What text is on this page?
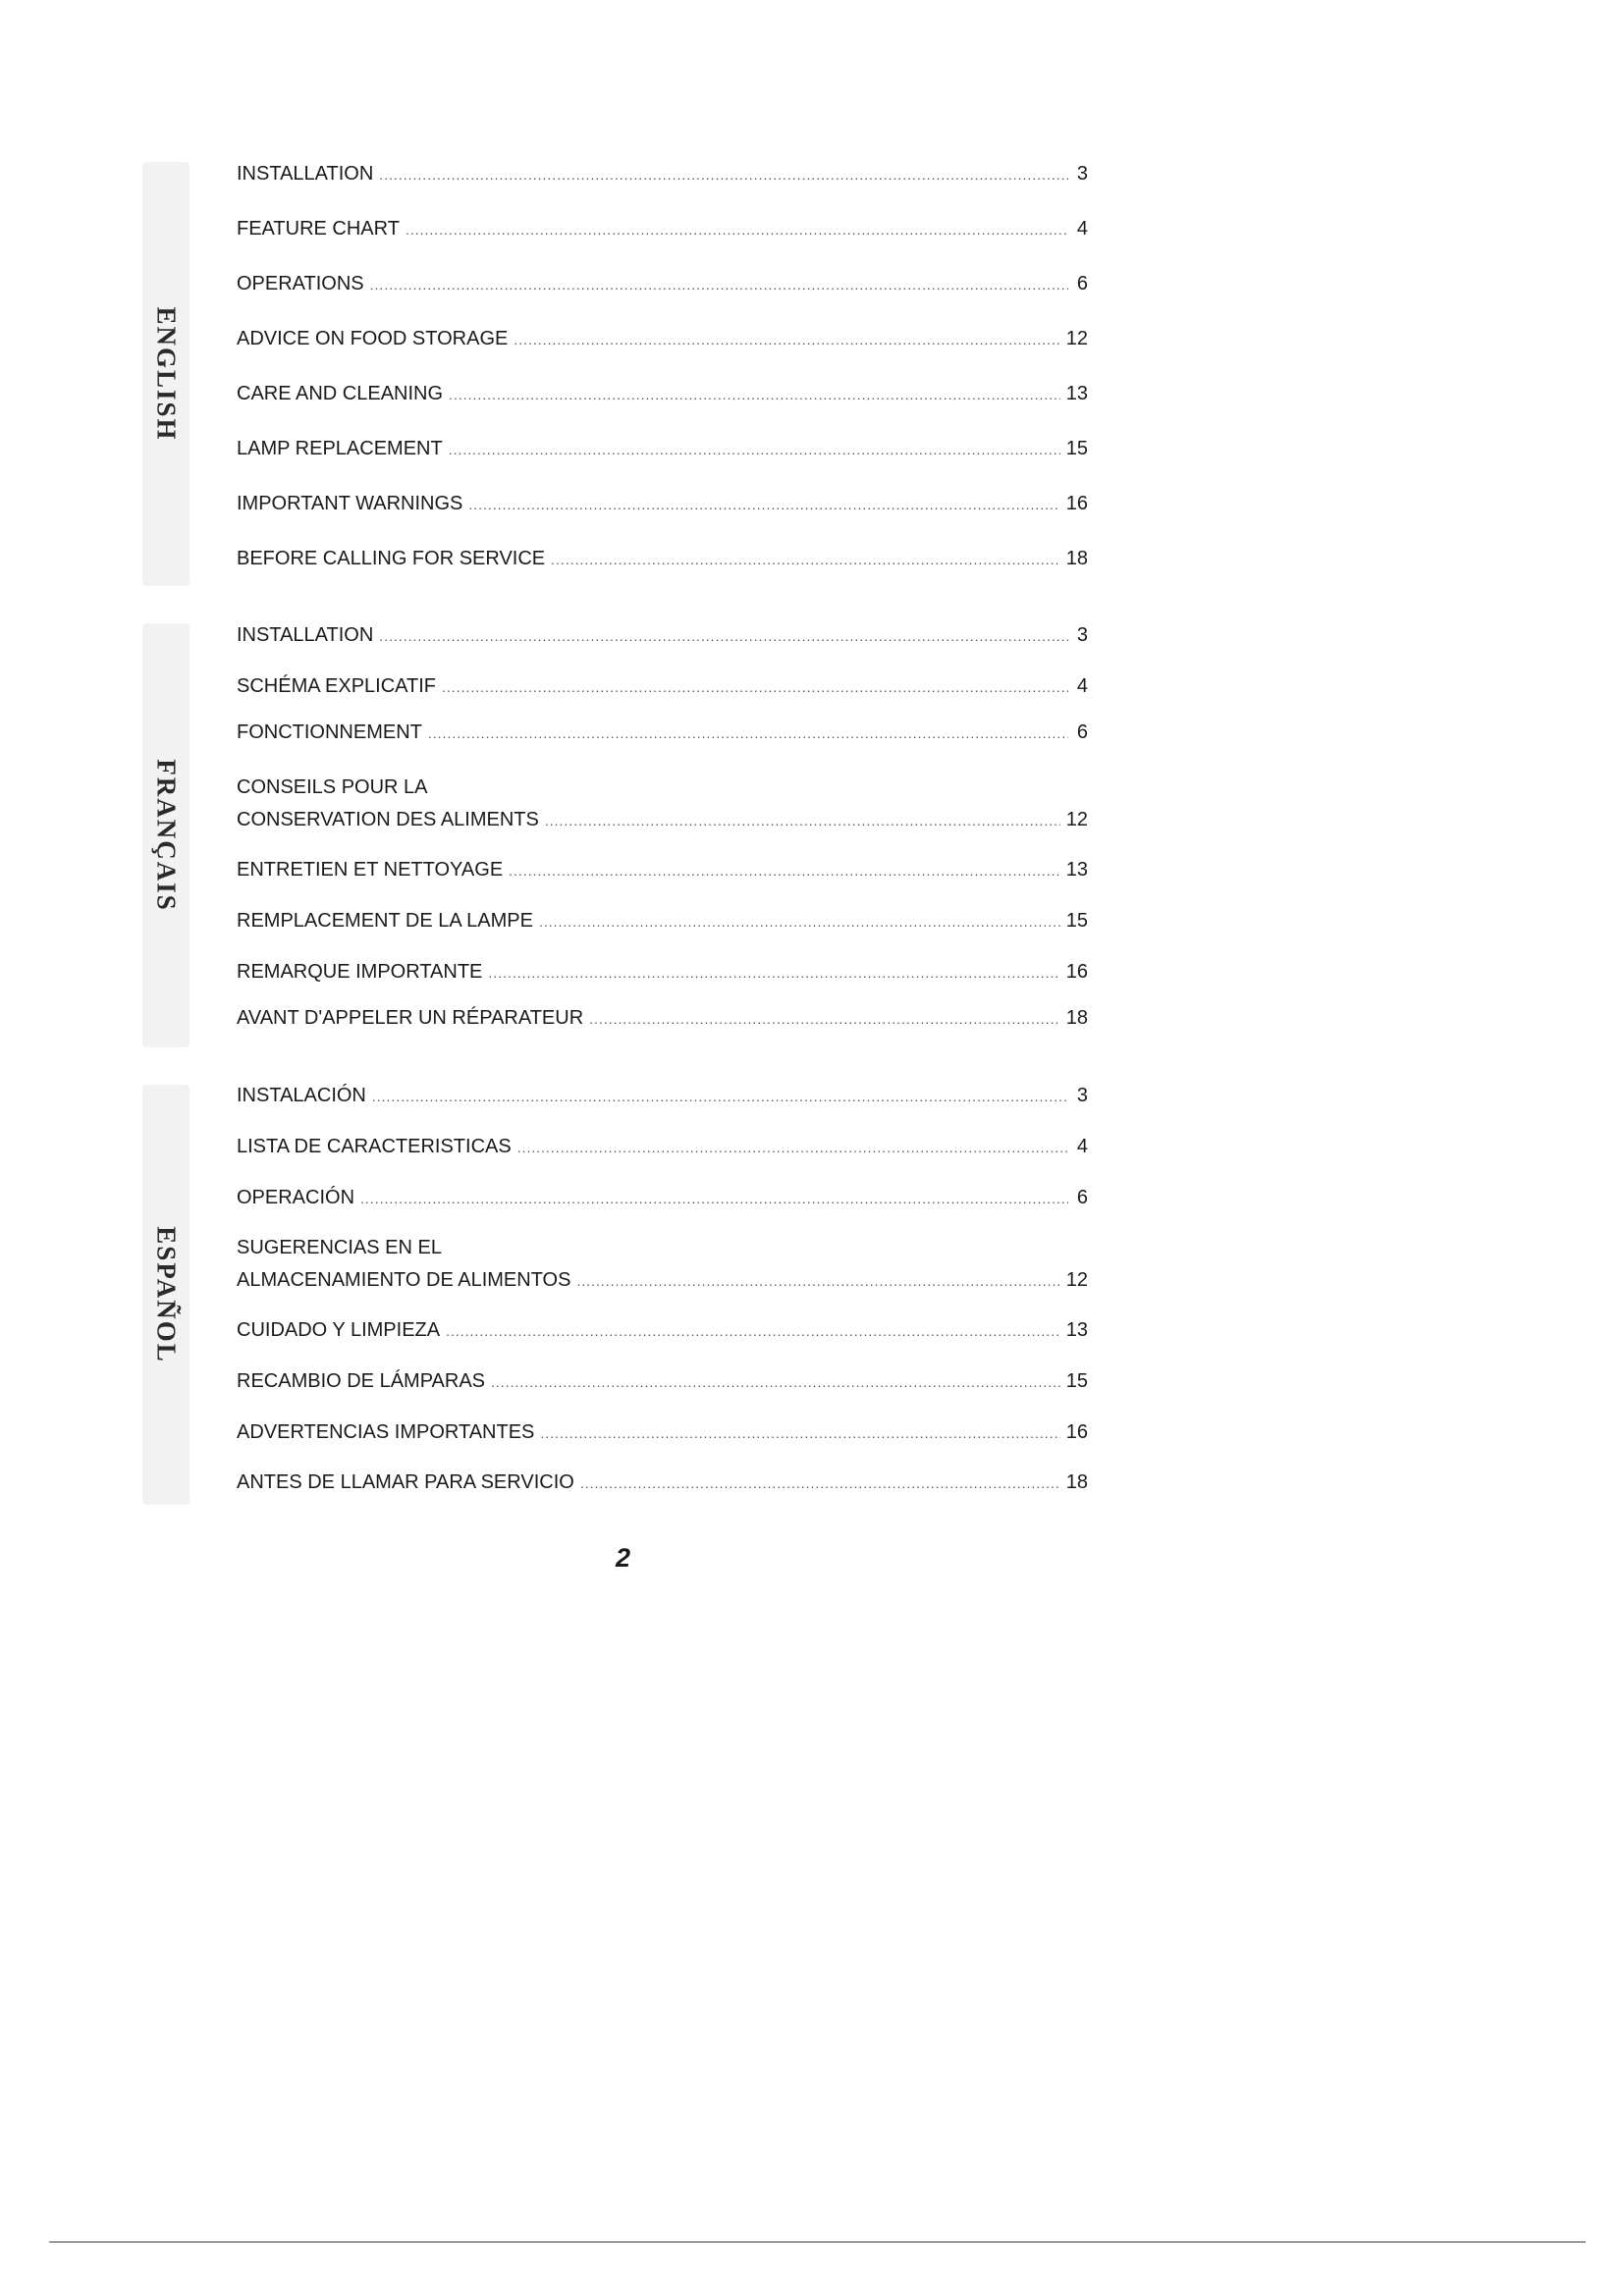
ENGLISH
INSTALLATION .....	3
FEATURE CHART .....	4
OPERATIONS .....	6
ADVICE ON FOOD STORAGE .....	12
CARE AND CLEANING .....	13
LAMP REPLACEMENT .....	15
IMPORTANT WARNINGS .....	16
BEFORE CALLING FOR SERVICE .....	18
FRANÇAIS
INSTALLATION .....	3
SCHÉMA EXPLICATIF .....	4
FONCTIONNEMENT .....	6
CONSEILS POUR LA
CONSERVATION DES ALIMENTS .....	12
ENTRETIEN ET NETTOYAGE .....	13
REMPLACEMENT DE LA LAMPE .....	15
REMARQUE IMPORTANTE .....	16
AVANT D'APPELER UN RÉPARATEUR .....	18
ESPAÑOL
INSTALACIÓN .....	3
LISTA DE CARACTERISTICAS .....	4
OPERACIÓN .....	6
SUGERENCIAS EN EL
ALMACENAMIENTO DE ALIMENTOS .....	12
CUIDADO Y LIMPIEZA .....	13
RECAMBIO DE LÁMPARAS .....	15
ADVERTENCIAS IMPORTANTES .....	16
ANTES DE LLAMAR PARA SERVICIO .....	18
2
